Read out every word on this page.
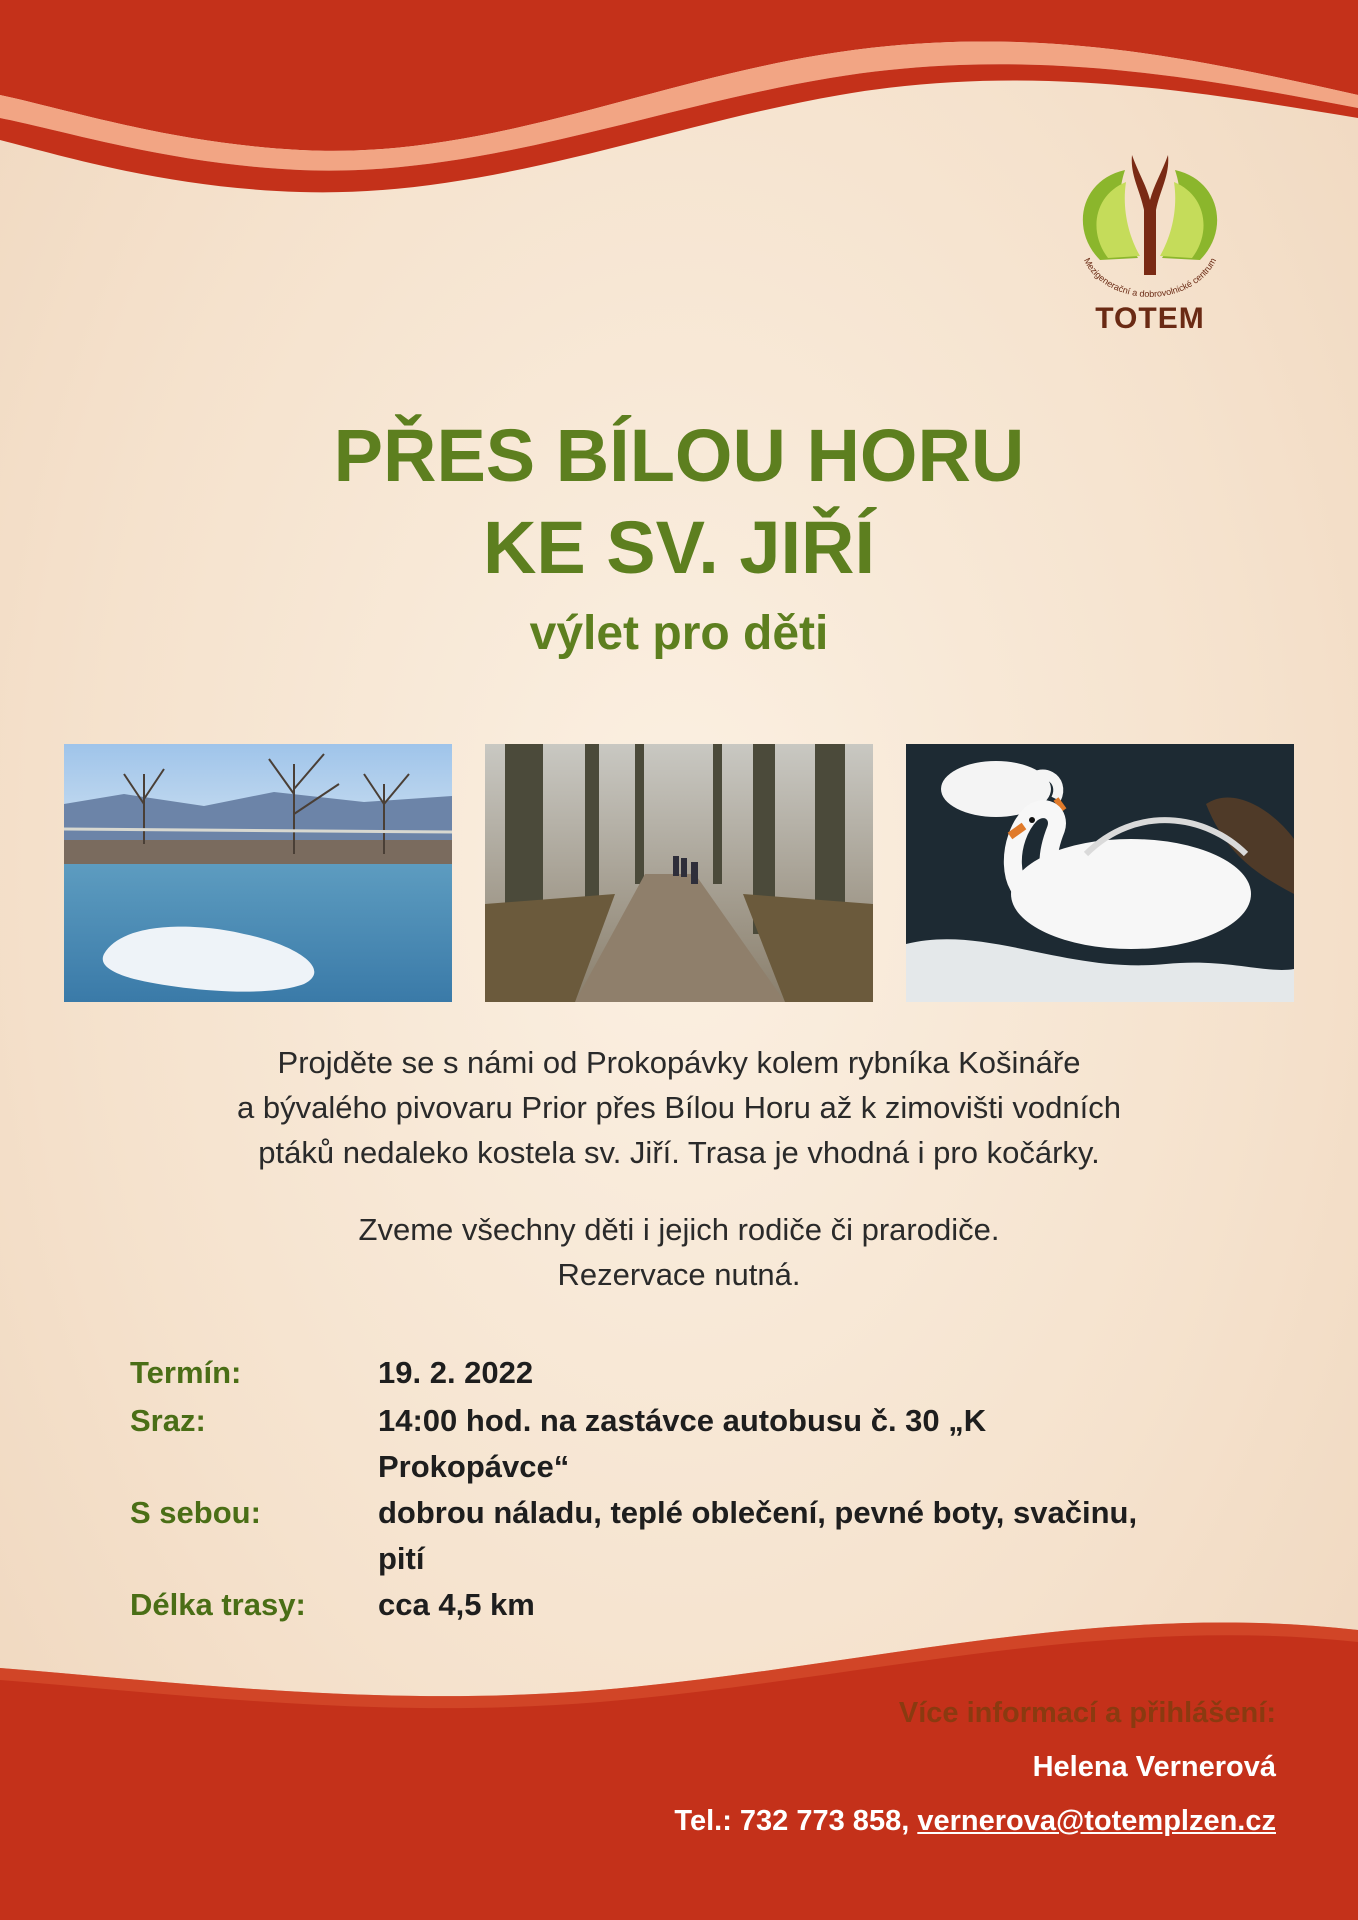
Mezigenerační a dobrovolnické centrum
TOTEM
PŘES BÍLOU HORU
KE SV. JIŘÍ
výlet pro děti
Projděte se s námi od Prokopávky kolem rybníka Košináře
a bývalého pivovaru Prior přes Bílou Horu až k zimovišti vodních
ptáků nedaleko kostela sv. Jiří. Trasa je vhodná i pro kočárky.
Zveme všechny děti i jejich rodiče či prarodiče.
Rezervace nutná.
Termín:	19. 2. 2022
Sraz:	14:00 hod. na zastávce autobusu č. 30 „K Prokopávce“
S sebou:	dobrou náladu, teplé oblečení, pevné boty, svačinu, pití
Délka trasy: cca 4,5 km
Více informací a přihlášení:
Helena Vernerová
Tel.: 732 773 858, vernerova@totemplzen.cz
